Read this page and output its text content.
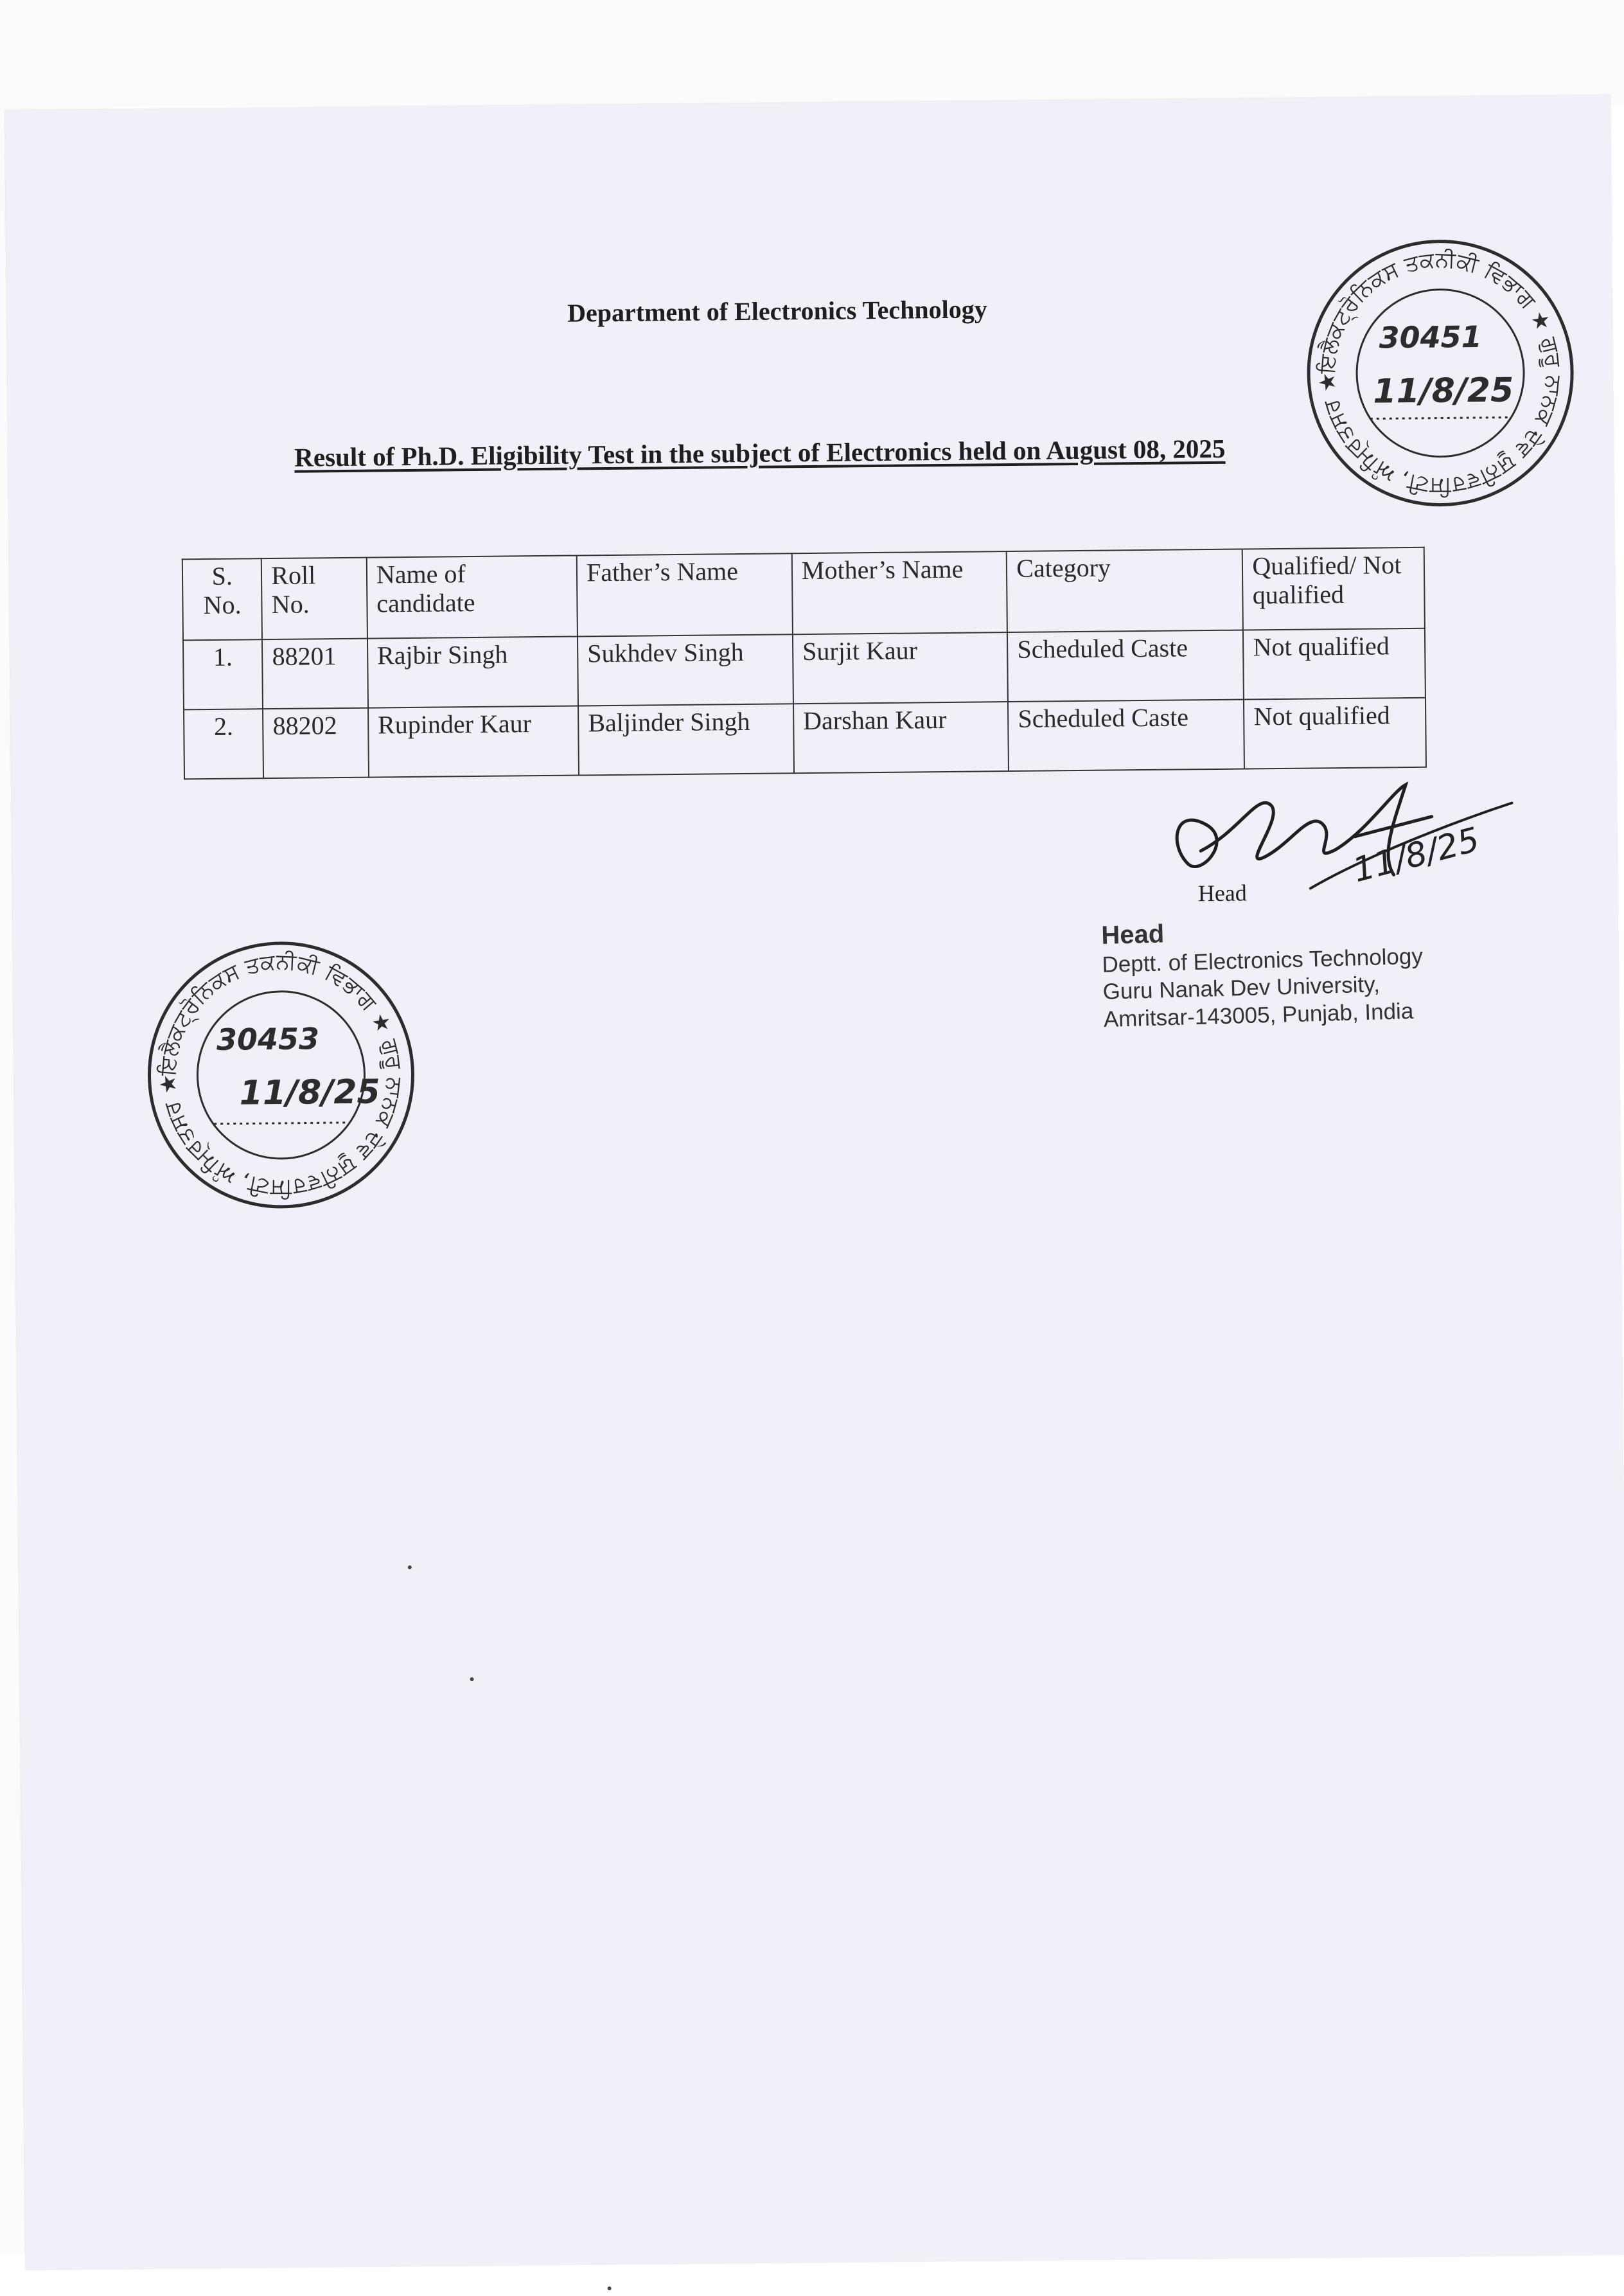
Department of Electronics Technology
Result of Ph.D. Eligibility Test in the subject of Electronics held on August 08, 2025
S. No.	Roll No.	Name of candidate	Father’s Name	Mother’s Name	Category	Qualified/ Not qualified
1.	88201	Rajbir Singh	Sukhdev Singh	Surjit Kaur	Scheduled Caste	Not qualified
2.	88202	Rupinder Kaur	Baljinder Singh	Darshan Kaur	Scheduled Caste	Not qualified
Head
11/8/25
Head
Deptt. of Electronics Technology
Guru Nanak Dev University,
Amritsar-143005, Punjab, India
ਇਲੈਕਟ੍ਰੋਨਿਕਸ ਤਕਨੀਕੀ ਵਿਭਾਗ ★ ਗੁਰੂ ਨਾਨਕ ਦੇਵ ਯੂਨੀਵਰਸਿਟੀ, ਅੰਮ੍ਰਿਤਸਰ ★
30451
11/8/25
ਇਲੈਕਟ੍ਰੋਨਿਕਸ ਤਕਨੀਕੀ ਵਿਭਾਗ ★ ਗੁਰੂ ਨਾਨਕ ਦੇਵ ਯੂਨੀਵਰਸਿਟੀ, ਅੰਮ੍ਰਿਤਸਰ ★
30453
11/8/25
